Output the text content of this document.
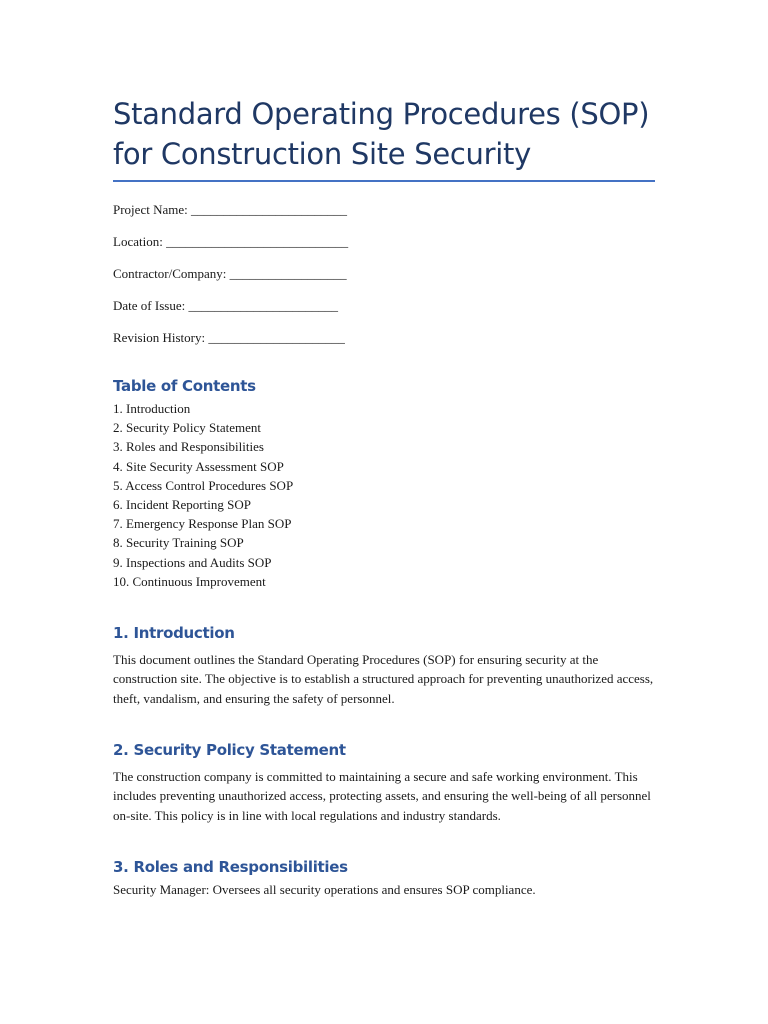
Standard Operating Procedures (SOP)
for Construction Site Security
Project Name: ________________________
Location: ____________________________
Contractor/Company: __________________
Date of Issue: _______________________
Revision History: _____________________
Table of Contents
1. Introduction
2. Security Policy Statement
3. Roles and Responsibilities
4. Site Security Assessment SOP
5. Access Control Procedures SOP
6. Incident Reporting SOP
7. Emergency Response Plan SOP
8. Security Training SOP
9. Inspections and Audits SOP
10. Continuous Improvement
1. Introduction

This document outlines the Standard Operating Procedures (SOP) for ensuring security at the construction site. The objective is to establish a structured approach for preventing unauthorized access, theft, vandalism, and ensuring the safety of personnel.

2. Security Policy Statement

The construction company is committed to maintaining a secure and safe working environment. This includes preventing unauthorized access, protecting assets, and ensuring the well-being of all personnel on-site. This policy is in line with local regulations and industry standards.

3. Roles and Responsibilities

Security Manager: Oversees all security operations and ensures SOP compliance.
